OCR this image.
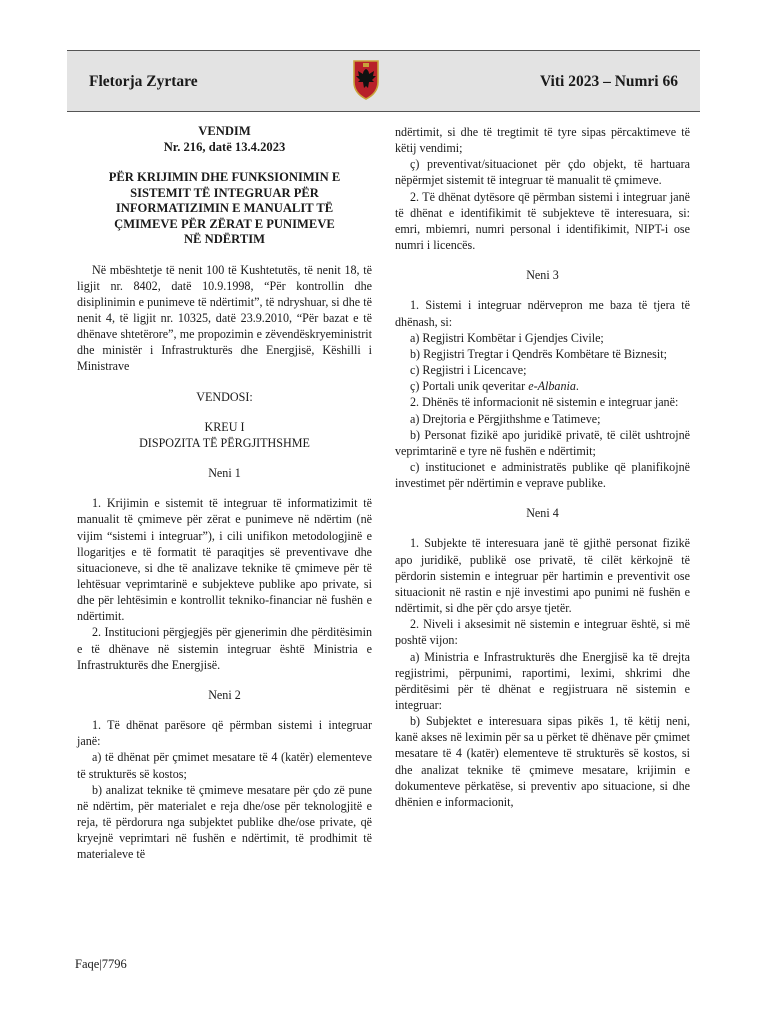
Fletorja Zyrtare	Viti 2023 – Numri 66
VENDIM
Nr. 216, datë 13.4.2023
PËR KRIJIMIN DHE FUNKSIONIMIN E
SISTEMIT TË INTEGRUAR PËR
INFORMATIZIMIN E MANUALIT TË
ÇMIMEVE PËR ZËRAT E PUNIMEVE
NË NDËRTIM

Në mbështetje të nenit 100 të Kushtetutës, të nenit 18, të ligjit nr. 8402, datë 10.9.1998, “Për kontrollin dhe disiplinimin e punimeve të ndërtimit”, të ndryshuar, si dhe të nenit 4, të ligjit nr. 10325, datë 23.9.2010, “Për bazat e të dhënave shtetërore”, me propozimin e zëvendëskryeministrit dhe ministër i Infrastrukturës dhe Energjisë, Këshilli i Ministrave

VENDOSI:

KREU I

DISPOZITA TË PËRGJITHSHME

Neni 1

1. Krijimin e sistemit të integruar të informatizimit të manualit të çmimeve për zërat e punimeve në ndërtim (në vijim “sistemi i integruar”), i cili unifikon metodologjinë e llogaritjes e të formatit të paraqitjes së preventivave dhe situacioneve, si dhe të analizave teknike të çmimeve për të lehtësuar veprimtarinë e subjekteve publike apo private, si dhe për lehtësimin e kontrollit tekniko-financiar në fushën e ndërtimit.

2. Institucioni përgjegjës për gjenerimin dhe përditësimin e të dhënave në sistemin integruar është Ministria e Infrastrukturës dhe Energjisë.

Neni 2

1. Të dhënat parësore që përmban sistemi i integruar janë:

a) të dhënat për çmimet mesatare të 4 (katër) elementeve të strukturës së kostos;

b) analizat teknike të çmimeve mesatare për çdo zë pune në ndërtim, për materialet e reja dhe/ose për teknologjitë e reja, të përdorura nga subjektet publike dhe/ose private, që kryejnë veprimtari në fushën e ndërtimit, të prodhimit të materialeve të

ndërtimit, si dhe të tregtimit të tyre sipas përcaktimeve të këtij vendimi;

ç) preventivat/situacionet për çdo objekt, të hartuara nëpërmjet sistemit të integruar të manualit të çmimeve.

2. Të dhënat dytësore që përmban sistemi i integruar janë të dhënat e identifikimit të subjekteve të interesuara, si: emri, mbiemri, numri personal i identifikimit, NIPT-i ose numri i licencës.

Neni 3

1. Sistemi i integruar ndërvepron me baza të tjera të dhënash, si:

a) Regjistri Kombëtar i Gjendjes Civile;

b) Regjistri Tregtar i Qendrës Kombëtare të Biznesit;

c) Regjistri i Licencave;

ç) Portali unik qeveritar e-Albania.

2. Dhënës të informacionit në sistemin e integruar janë:

a) Drejtoria e Përgjithshme e Tatimeve;

b) Personat fizikë apo juridikë privatë, të cilët ushtrojnë veprimtarinë e tyre në fushën e ndërtimit;

c) institucionet e administratës publike që planifikojnë investimet për ndërtimin e veprave publike.

Neni 4

1. Subjekte të interesuara janë të gjithë personat fizikë apo juridikë, publikë ose privatë, të cilët kërkojnë të përdorin sistemin e integruar për hartimin e preventivit ose situacionit në rastin e një investimi apo punimi në fushën e ndërtimit, si dhe për çdo arsye tjetër.

2. Niveli i aksesimit në sistemin e integruar është, si më poshtë vijon:

a) Ministria e Infrastrukturës dhe Energjisë ka të drejta regjistrimi, përpunimi, raportimi, leximi, shkrimi dhe përditësimi për të dhënat e regjistruara në sistemin e integruar:

b) Subjektet e interesuara sipas pikës 1, të këtij neni, kanë akses në leximin për sa u përket të dhënave për çmimet mesatare të 4 (katër) elementeve të strukturës së kostos, si dhe analizat teknike të çmimeve mesatare, krijimin e dokumenteve përkatëse, si preventiv apo situacione, si dhe dhënien e informacionit,

Faqe|7796
